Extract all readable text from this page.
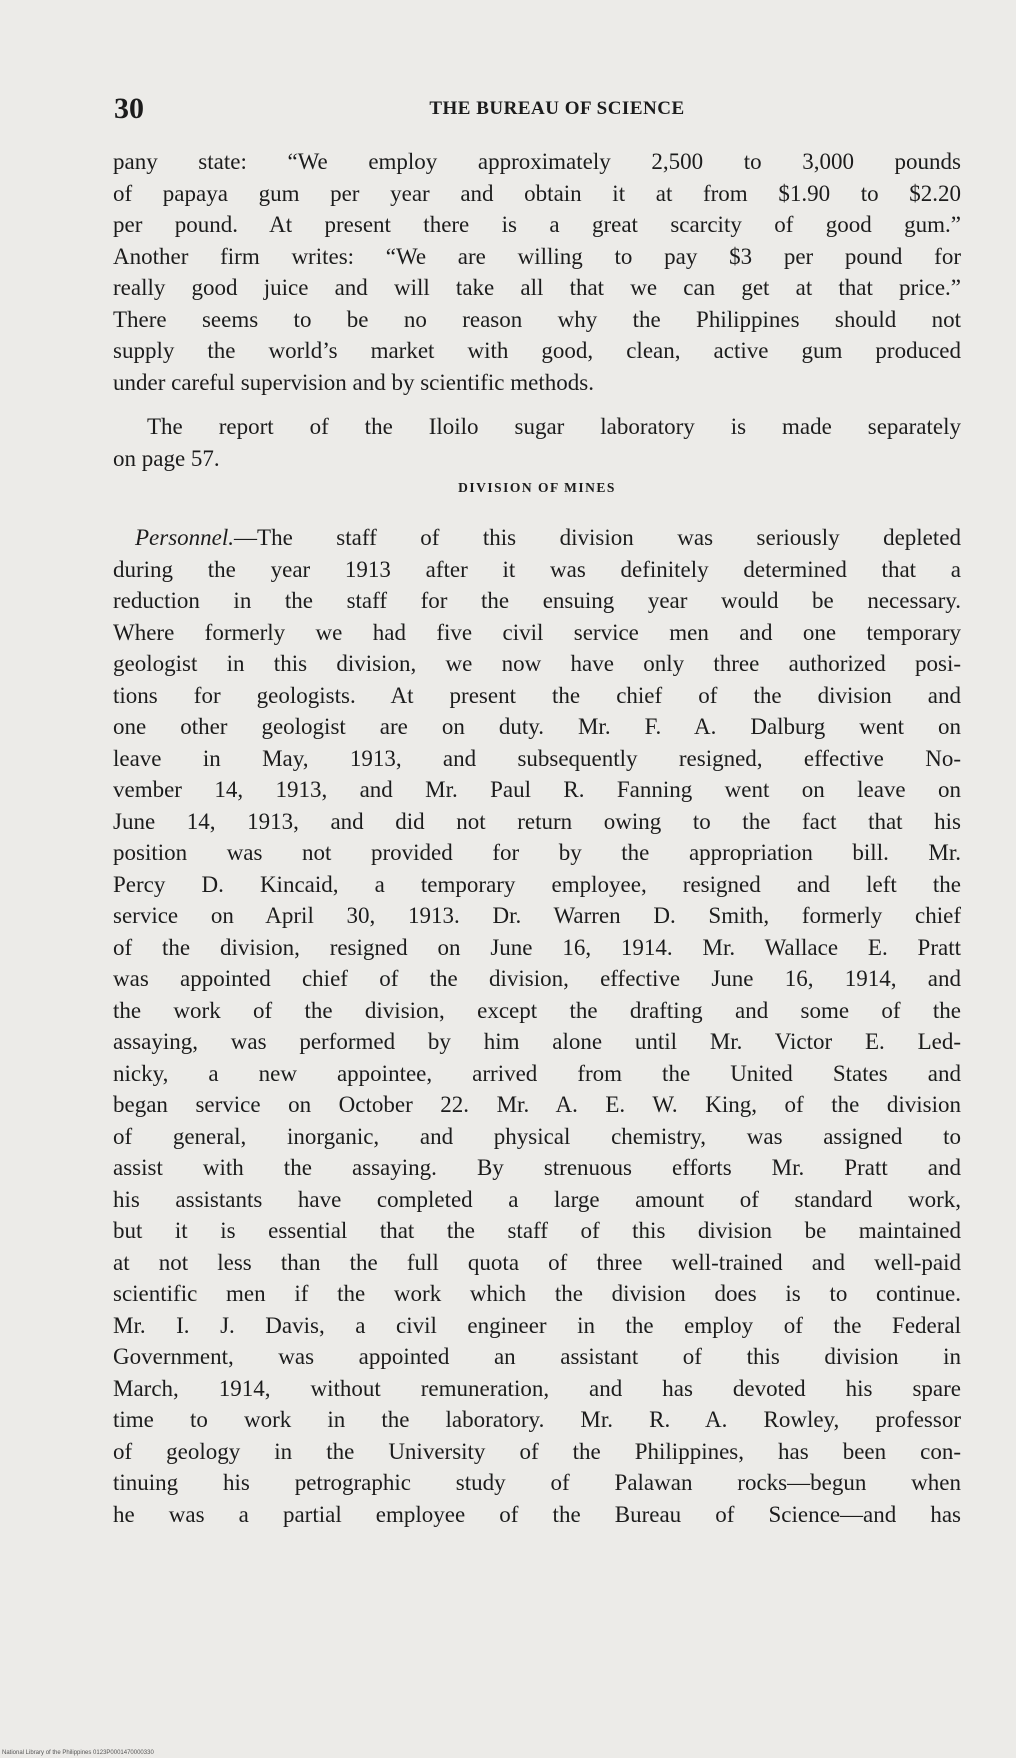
30	THE BUREAU OF SCIENCE
pany state: “We employ approximately 2,500 to 3,000 pounds
of papaya gum per year and obtain it at from $1.90 to $2.20
per pound. At present there is a great scarcity of good gum.”
Another firm writes: “We are willing to pay $3 per pound for
really good juice and will take all that we can get at that price.”
There seems to be no reason why the Philippines should not
supply the world’s market with good, clean, active gum produced
under careful supervision and by scientific methods.
The report of the Iloilo sugar laboratory is made separately
on page 57.
DIVISION OF MINES
Personnel.—The staff of this division was seriously depleted
during the year 1913 after it was definitely determined that a
reduction in the staff for the ensuing year would be necessary.
Where formerly we had five civil service men and one temporary
geologist in this division, we now have only three authorized posi-
tions for geologists. At present the chief of the division and
one other geologist are on duty. Mr. F. A. Dalburg went on
leave in May, 1913, and subsequently resigned, effective No-
vember 14, 1913, and Mr. Paul R. Fanning went on leave on
June 14, 1913, and did not return owing to the fact that his
position was not provided for by the appropriation bill. Mr.
Percy D. Kincaid, a temporary employee, resigned and left the
service on April 30, 1913. Dr. Warren D. Smith, formerly chief
of the division, resigned on June 16, 1914. Mr. Wallace E. Pratt
was appointed chief of the division, effective June 16, 1914, and
the work of the division, except the drafting and some of the
assaying, was performed by him alone until Mr. Victor E. Led-
nicky, a new appointee, arrived from the United States and
began service on October 22. Mr. A. E. W. King, of the division
of general, inorganic, and physical chemistry, was assigned to
assist with the assaying. By strenuous efforts Mr. Pratt and
his assistants have completed a large amount of standard work,
but it is essential that the staff of this division be maintained
at not less than the full quota of three well-trained and well-paid
scientific men if the work which the division does is to continue.
Mr. I. J. Davis, a civil engineer in the employ of the Federal
Government, was appointed an assistant of this division in
March, 1914, without remuneration, and has devoted his spare
time to work in the laboratory. Mr. R. A. Rowley, professor
of geology in the University of the Philippines, has been con-
tinuing his petrographic study of Palawan rocks—begun when
he was a partial employee of the Bureau of Science—and has
National Library of the Philippines 0123P0001470000330
